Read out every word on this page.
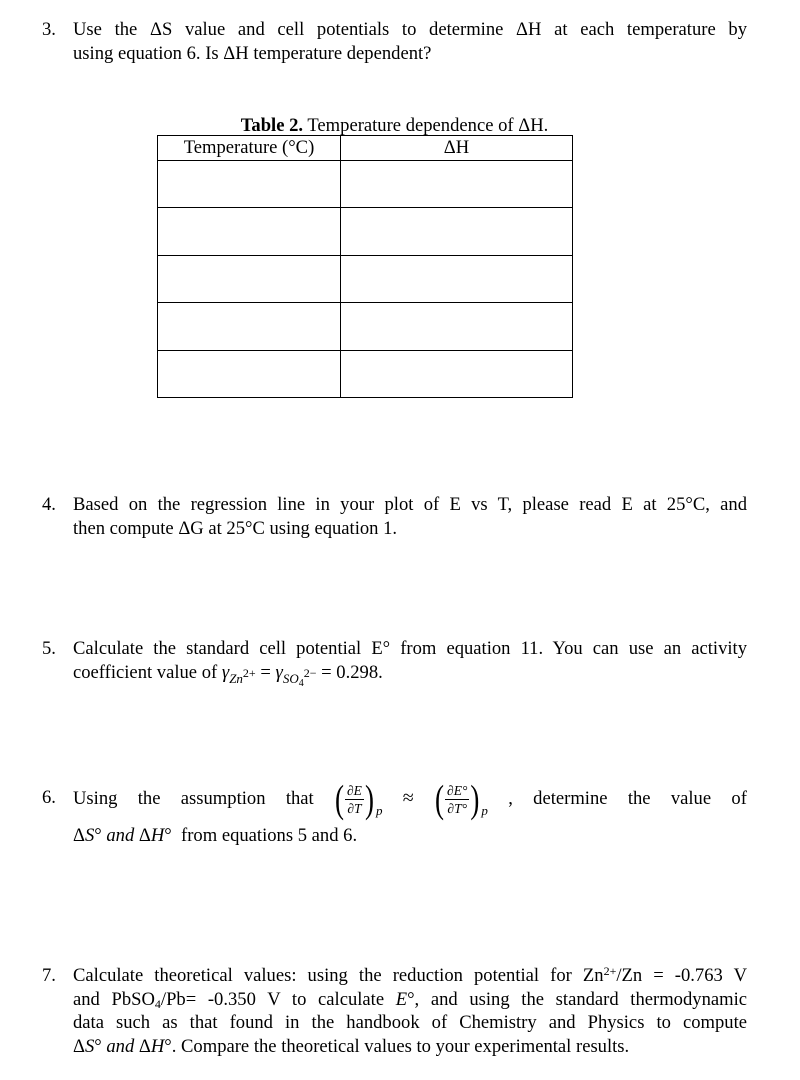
3. Use the ΔS value and cell potentials to determine ΔH at each temperature by
using equation 6. Is ΔH temperature dependent?
Table 2. Temperature dependence of ΔH.
Temperature (°C)	ΔH

4. Based on the regression line in your plot of E vs T, please read E at 25°C, and
then compute ΔG at 25°C using equation 1.
5. Calculate the standard cell potential E° from equation 11. You can use an activity
coefficient value of $\gamma_{Zn}2+ = \gamma_{SO_4}2- = 0.298$.
6. Using the assumption that ( $\frac{\partial E}{\partial T}$ ) p
≈ ( $\frac{\partial E^\circ}{\partial T^\circ}$ ) p
, determine the value of
ΔS° and ΔH°  from equations 5 and 6.
7. Calculate theoretical values: using the reduction potential for $Zn^{2+}/Zn = -0.763$ V
and PbSO$_4$/Pb= -0.350 V to calculate E°, and using the standard thermodynamic
data such as that found in the handbook of Chemistry and Physics to compute
ΔS° and ΔH°. Compare the theoretical values to your experimental results.
